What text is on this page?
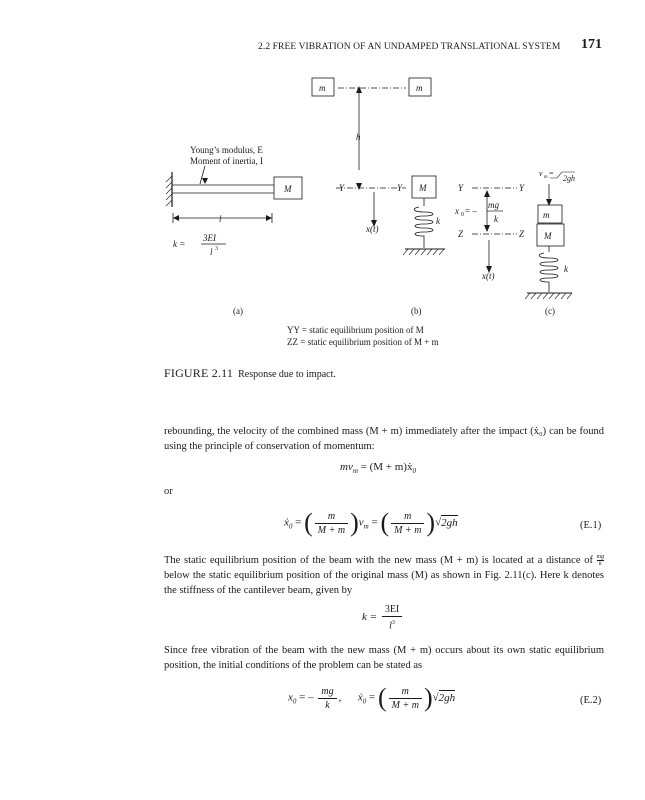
2.2 FREE VIBRATION OF AN UNDAMPED TRANSLATIONAL SYSTEM 171
Young’s modulus, E
Moment of inertia, I
M
l
k =
3EI
l 3
(a)
m	m
h
Y	Y M
k
x(t)
(b)
m
M
k
Y	Y
Z	Z
x(t)
x 0 = –
mg
k
v m =
2gh
(c)
YY = static equilibrium position of M
ZZ = static equilibrium position of M + m
FIGURE 2.11 Response due to impact.
rebounding, the velocity of the combined mass (M + m) immediately after the impact (ẋ₀) can be found using the principle of conservation of momentum:
$mv_m = (M$ + m)ẋ$_0$
or
ẋ$_0$ = ( $\frac{m}{M + m} )v_m$ = ( $\frac{m}{M + m} )√2gh$	(E.1)
The static equilibrium position of the beam with the new mass (M + m) is located at a distance of $\frac{mg}{k}$
below the static equilibrium position of the original mass (M) as shown in Fig. 2.11(c). Here k denotes the stiffness of the cantilever beam, given by
$k = \frac{3EI}{l^3}$
Since free vibration of the beam with the new mass (M + m) occurs about its own static equilibrium position, the initial conditions of the problem can be stated as
$x_0$ = – $\frac{mg}{k}$ , ẋ$_0$ = ( $\frac{m}{M + m} )√2gh$	(E.2)
